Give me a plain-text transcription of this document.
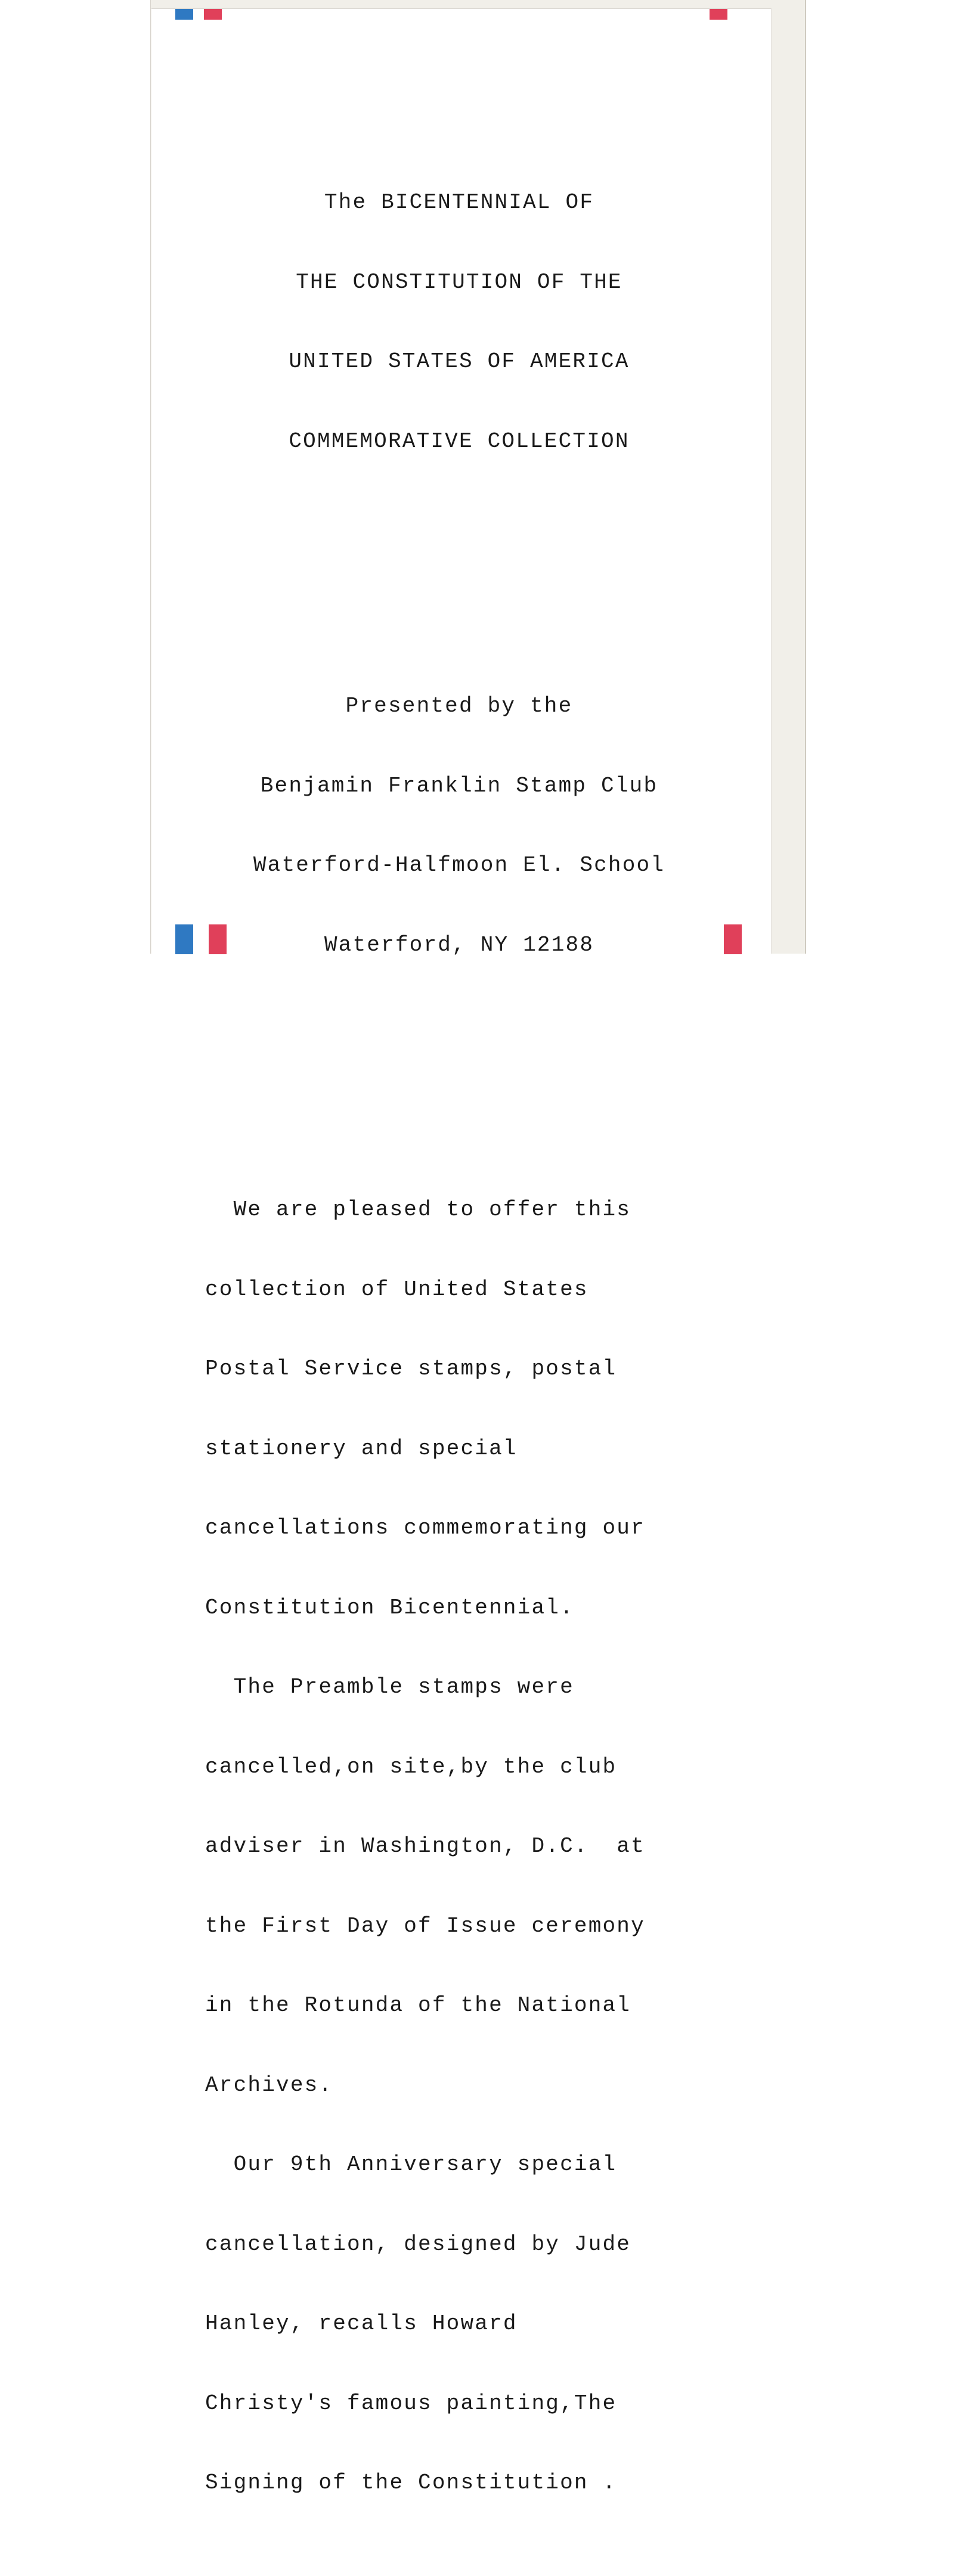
The BICENTENNIAL OF

THE CONSTITUTION OF THE

UNITED STATES OF AMERICA

COMMEMORATIVE COLLECTION

Presented by the

Benjamin Franklin Stamp Club

Waterford-Halfmoon El. School

Waterford, NY 12188

We are pleased to offer this

collection of United States

Postal Service stamps, postal

stationery and special

cancellations commemorating our

Constitution Bicentennial.

The Preamble stamps were

cancelled,on site,by the club

adviser in Washington, D.C.  at

the First Day of Issue ceremony

in the Rotunda of the National

Archives.

Our 9th Anniversary special

cancellation, designed by Jude

Hanley, recalls Howard

Christy's famous painting,The

Signing of the Constitution .
